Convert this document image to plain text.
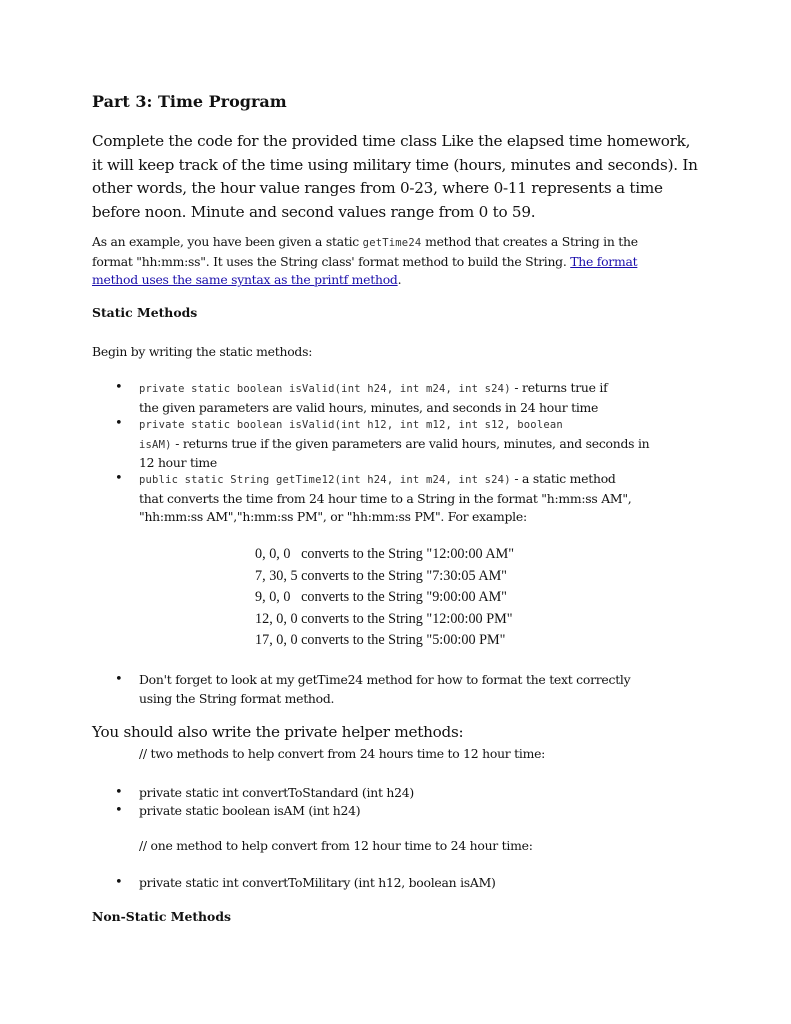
Part 3: Time Program
Complete the code for the provided time class Like the elapsed time homework,
it will keep track of the time using military time (hours, minutes and seconds). In
other words, the hour value ranges from 0-23, where 0-11 represents a time
before noon. Minute and second values range from 0 to 59.
As an example, you have been given a static getTime24 method that creates a String in the
format "hh:mm:ss". It uses the String class' format method to build the String. The format
method uses the same syntax as the printf method.
Static Methods

Begin by writing the static methods:

• private static boolean isValid(int h24, int m24, int s24) - returns true if
the given parameters are valid hours, minutes, and seconds in 24 hour time
• private static boolean isValid(int h12, int m12, int s12, boolean
isAM) - returns true if the given parameters are valid hours, minutes, and seconds in
12 hour time
• public static String getTime12(int h24, int m24, int s24) - a static method
that converts the time from 24 hour time to a String in the format "h:mm:ss AM",
"hh:mm:ss AM","h:mm:ss PM", or "hh:mm:ss PM". For example:
0, 0, 0   converts to the String "12:00:00 AM"
7, 30, 5 converts to the String "7:30:05 AM"
9, 0, 0   converts to the String "9:00:00 AM"
12, 0, 0 converts to the String "12:00:00 PM"
17, 0, 0 converts to the String "5:00:00 PM"
• Don't forget to look at my getTime24 method for how to format the text correctly
using the String format method.

You should also write the private helper methods:

// two methods to help convert from 24 hours time to 12 hour time:

• private static int convertToStandard (int h24)
• private static boolean isAM (int h24)

// one method to help convert from 12 hour time to 24 hour time:

• private static int convertToMilitary (int h12, boolean isAM)
Non-Static Methods
